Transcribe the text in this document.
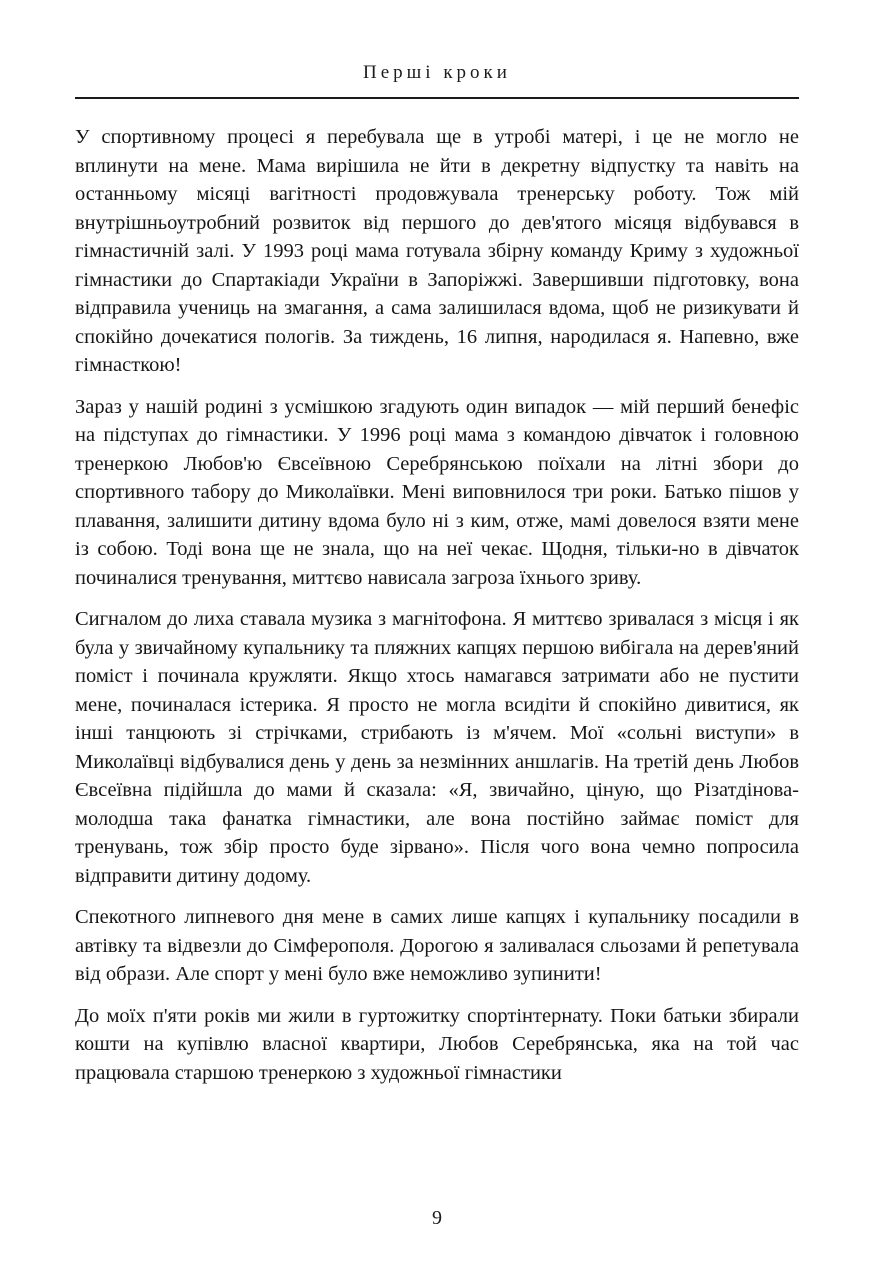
Перші кроки

У спортивному процесі я перебувала ще в утробі матері, і це не могло не вплинути на мене. Мама вирішила не йти в декретну відпустку та навіть на останньому місяці вагітності продовжувала тренерську роботу. Тож мій внутрішньоутробний розвиток від першого до дев'ятого місяця відбувався в гімнастичній залі. У 1993 році мама готувала збірну команду Криму з художньої гімнастики до Спартакіади України в Запоріжжі. Завершивши підготовку, вона відправила учениць на змагання, а сама залишилася вдома, щоб не ризикувати й спокійно дочекатися пологів. За тиждень, 16 липня, народилася я. Напевно, вже гімнасткою!

Зараз у нашій родині з усмішкою згадують один випадок — мій перший бенефіс на підступах до гімнастики. У 1996 році мама з командою дівчаток і головною тренеркою Любов'ю Євсеївною Серебрянською поїхали на літні збори до спортивного табору до Миколаївки. Мені виповнилося три роки. Батько пішов у плавання, залишити дитину вдома було ні з ким, отже, мамі довелося взяти мене із собою. Тоді вона ще не знала, що на неї чекає. Щодня, тільки-но в дівчаток починалися тренування, миттєво нависала загроза їхнього зриву.

Сигналом до лиха ставала музика з магнітофона. Я миттєво зривалася з місця і як була у звичайному купальнику та пляжних капцях першою вибігала на дерев'яний поміст і починала кружляти. Якщо хтось намагався затримати або не пустити мене, починалася істерика. Я просто не могла всидіти й спокійно дивитися, як інші танцюють зі стрічками, стрибають із м'ячем. Мої «сольні виступи» в Миколаївці відбувалися день у день за незмінних аншлагів. На третій день Любов Євсеївна підійшла до мами й сказала: «Я, звичайно, ціную, що Різатдінова-молодша така фанатка гімнастики, але вона постійно займає поміст для тренувань, тож збір просто буде зірвано». Після чого вона чемно попросила відправити дитину додому.

Спекотного липневого дня мене в самих лише капцях і купальнику посадили в автівку та відвезли до Сімферополя. Дорогою я заливалася сльозами й репетувала від образи. Але спорт у мені було вже неможливо зупинити!

До моїх п'яти років ми жили в гуртожитку спортінтернату. Поки батьки збирали кошти на купівлю власної квартири, Любов Серебрянська, яка на той час працювала старшою тренеркою з художньої гімнастики

9
